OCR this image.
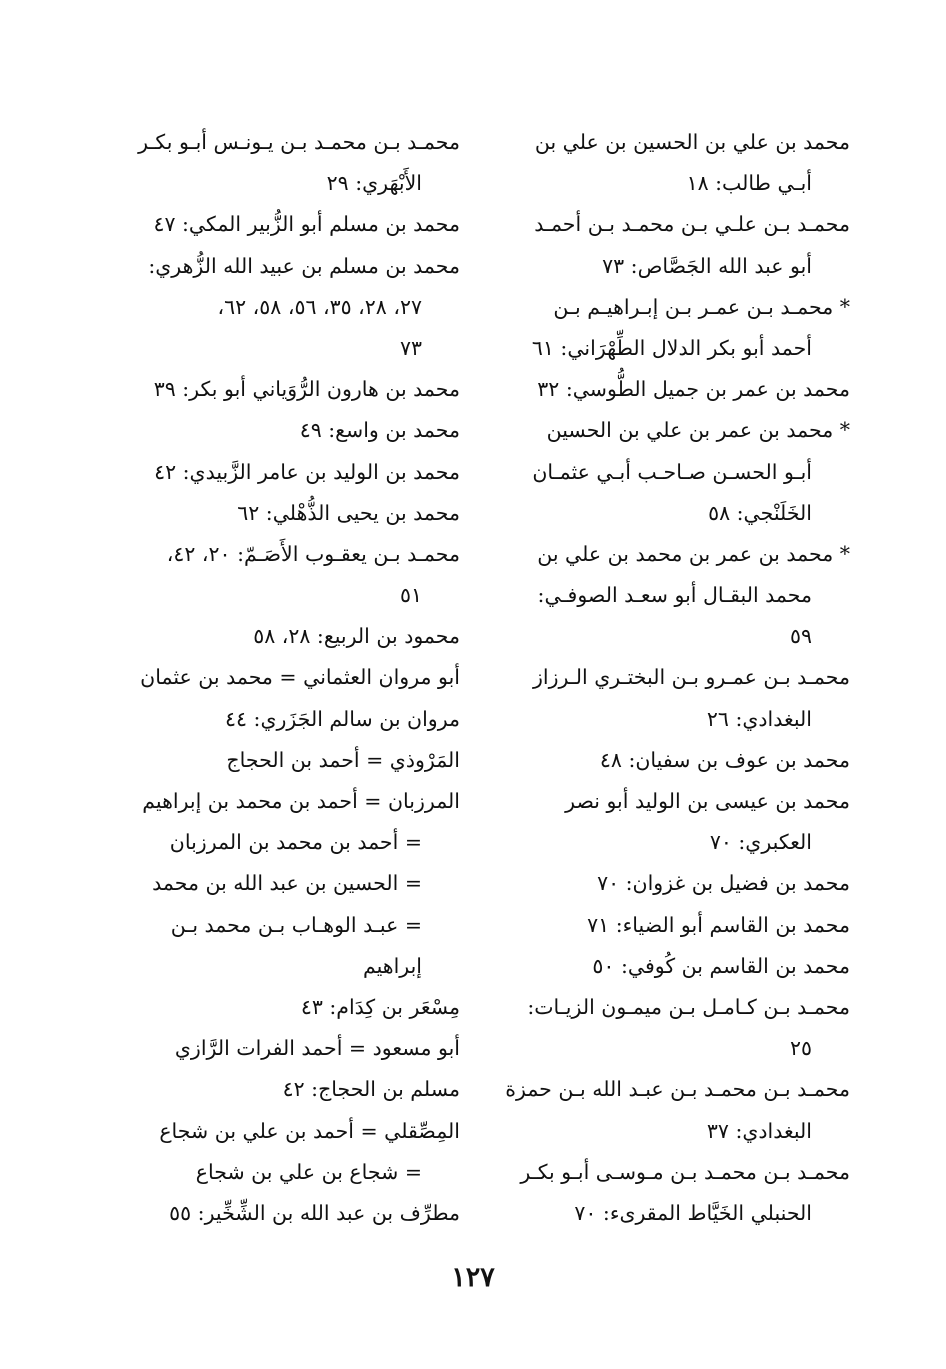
محمد بن علي بن الحسين بن علي بن
أبـي طالب: ١٨
محمـد بـن علـي بـن محمـد بـن أحمـد
أبو عبد الله الجَصَّاص: ٧٣
* محمـد بـن عمـر بـن إبـراهيـم بـن
أحمد أبو بكر الدلال الطِّهْرَاني: ٦١
محمد بن عمر بن جميل الطُّوسي: ٣٢
* محمد بن عمر بن علي بن الحسين
أبـو الحسـن صـاحـب أبـي عثمـان
الخَلَنْجي: ٥٨
* محمد بن عمر بن محمد بن علي بن
محمد البقـال أبو سعـد الصوفـي:
٥٩
محمـد بـن عمـرو بـن البختـري الـرزاز
البغدادي: ٢٦
محمد بن عوف بن سفيان: ٤٨
محمد بن عيسى بن الوليد أبو نصر
العكبري: ٧٠
محمد بن فضيل بن غزوان: ٧٠
محمد بن القاسم أبو الضياء: ٧١
محمد بن القاسم بن كُوفي: ٥٠
محمـد بـن كـامـل بـن ميمـون الزيـات:
٢٥
محمـد بـن محمـد بـن عبـد الله بـن حمزة
البغدادي: ٣٧
محمـد بـن محمـد بـن مـوسـى أبـو بكـر
الحنبلي الخَيَّاط المقرىء: ٧٠
محمـد بـن محمـد بـن يـونـس أبـو بكـر
الأَبْهَري: ٢٩
محمد بن مسلم أبو الزُّبير المكي: ٤٧
محمد بن مسلم بن عبيد الله الزُّهري:
٢٧، ٢٨، ٣٥، ٥٦، ٥٨، ٦٢،
٧٣
محمد بن هارون الرُّوَياني أبو بكر: ٣٩
محمد بن واسع: ٤٩
محمد بن الوليد بن عامر الزَّبيدي: ٤٢
محمد بن يحيى الذُّهْلي: ٦٢
محمـد بـن يعقـوب الأَصَـمّ: ٢٠، ٤٢،
٥١
محمود بن الربيع: ٢٨، ٥٨
أبو مروان العثماني = محمد بن عثمان
مروان بن سالم الجَزَري: ٤٤
المَرْوذي = أحمد بن الحجاج
المرزبان = أحمد بن محمد بن إبراهيم
= أحمد بن محمد بن المرزبان
= الحسين بن عبد الله بن محمد
= عبـد الوهـاب بـن محمد بـن
إبراهيم
مِسْعَر بن كِدَام: ٤٣
أبو مسعود = أحمد الفرات الرَّازي
مسلم بن الحجاج: ٤٢
المِصِّقلي = أحمد بن علي بن شجاع
= شجاع بن علي بن شجاع
مطرِّف بن عبد الله بن الشِّخِّير: ٥٥
١٢٧
